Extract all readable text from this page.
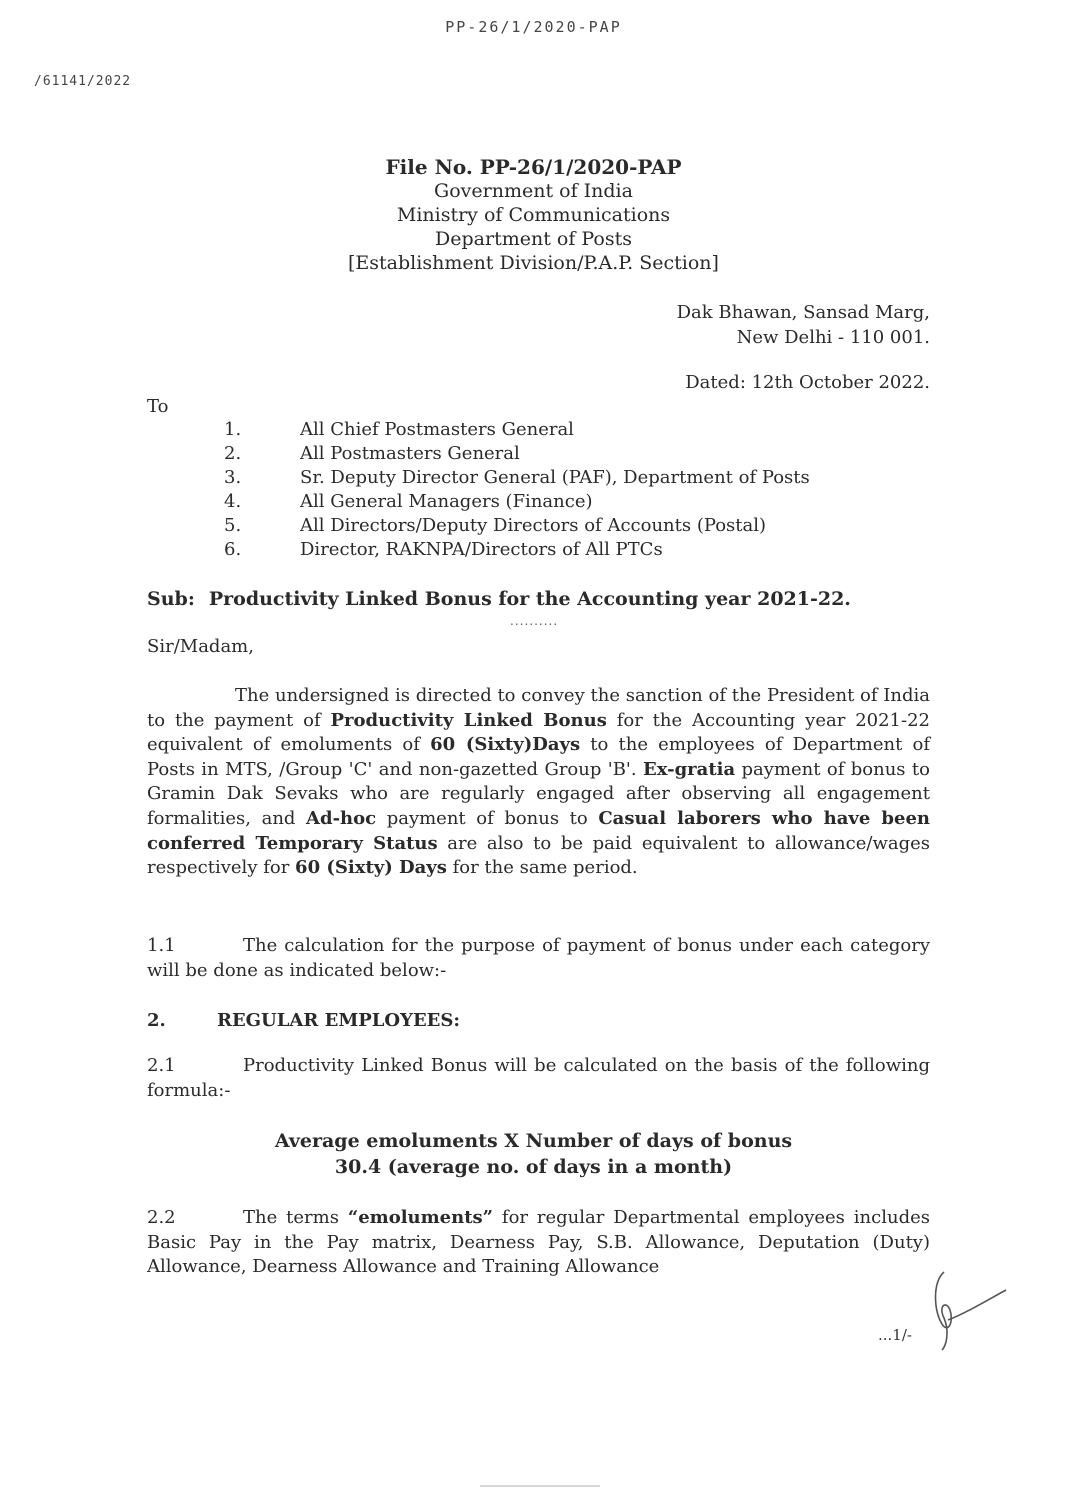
PP-26/1/2020-PAP
/61141/2022
File No. PP-26/1/2020-PAP
Government of India
Ministry of Communications
Department of Posts
[Establishment Division/P.A.P. Section]
Dak Bhawan, Sansad Marg,
New Delhi - 110 001.
Dated: 12th October 2022.
To
1.	All Chief Postmasters General
2.	All Postmasters General
3.	Sr. Deputy Director General (PAF), Department of Posts
4.	All General Managers (Finance)
5.	All Directors/Deputy Directors of Accounts (Postal)
6.	Director, RAKNPA/Directors of All PTCs
Sub: Productivity Linked Bonus for the Accounting year 2021-22.
..........
Sir/Madam,

The undersigned is directed to convey the sanction of the President of India to the payment of Productivity Linked Bonus for the Accounting year 2021-22 equivalent of emoluments of 60 (Sixty)Days to the employees of Department of Posts in MTS, /Group 'C' and non-gazetted Group 'B'. Ex-gratia payment of bonus to Gramin Dak Sevaks who are regularly engaged after observing all engagement formalities, and Ad-hoc payment of bonus to Casual laborers who have been conferred Temporary Status are also to be paid equivalent to allowance/wages respectively for 60 (Sixty) Days for the same period.

1.1	The calculation for the purpose of payment of bonus under each category will be done as indicated below:-

2.	REGULAR EMPLOYEES:

2.1	Productivity Linked Bonus will be calculated on the basis of the following formula:-

Average emoluments X Number of days of bonus
30.4 (average no. of days in a month)

2.2	The terms “emoluments” for regular Departmental employees includes Basic Pay in the Pay matrix, Dearness Pay, S.B. Allowance, Deputation (Duty) Allowance, Dearness Allowance and Training Allowance

...1/-
